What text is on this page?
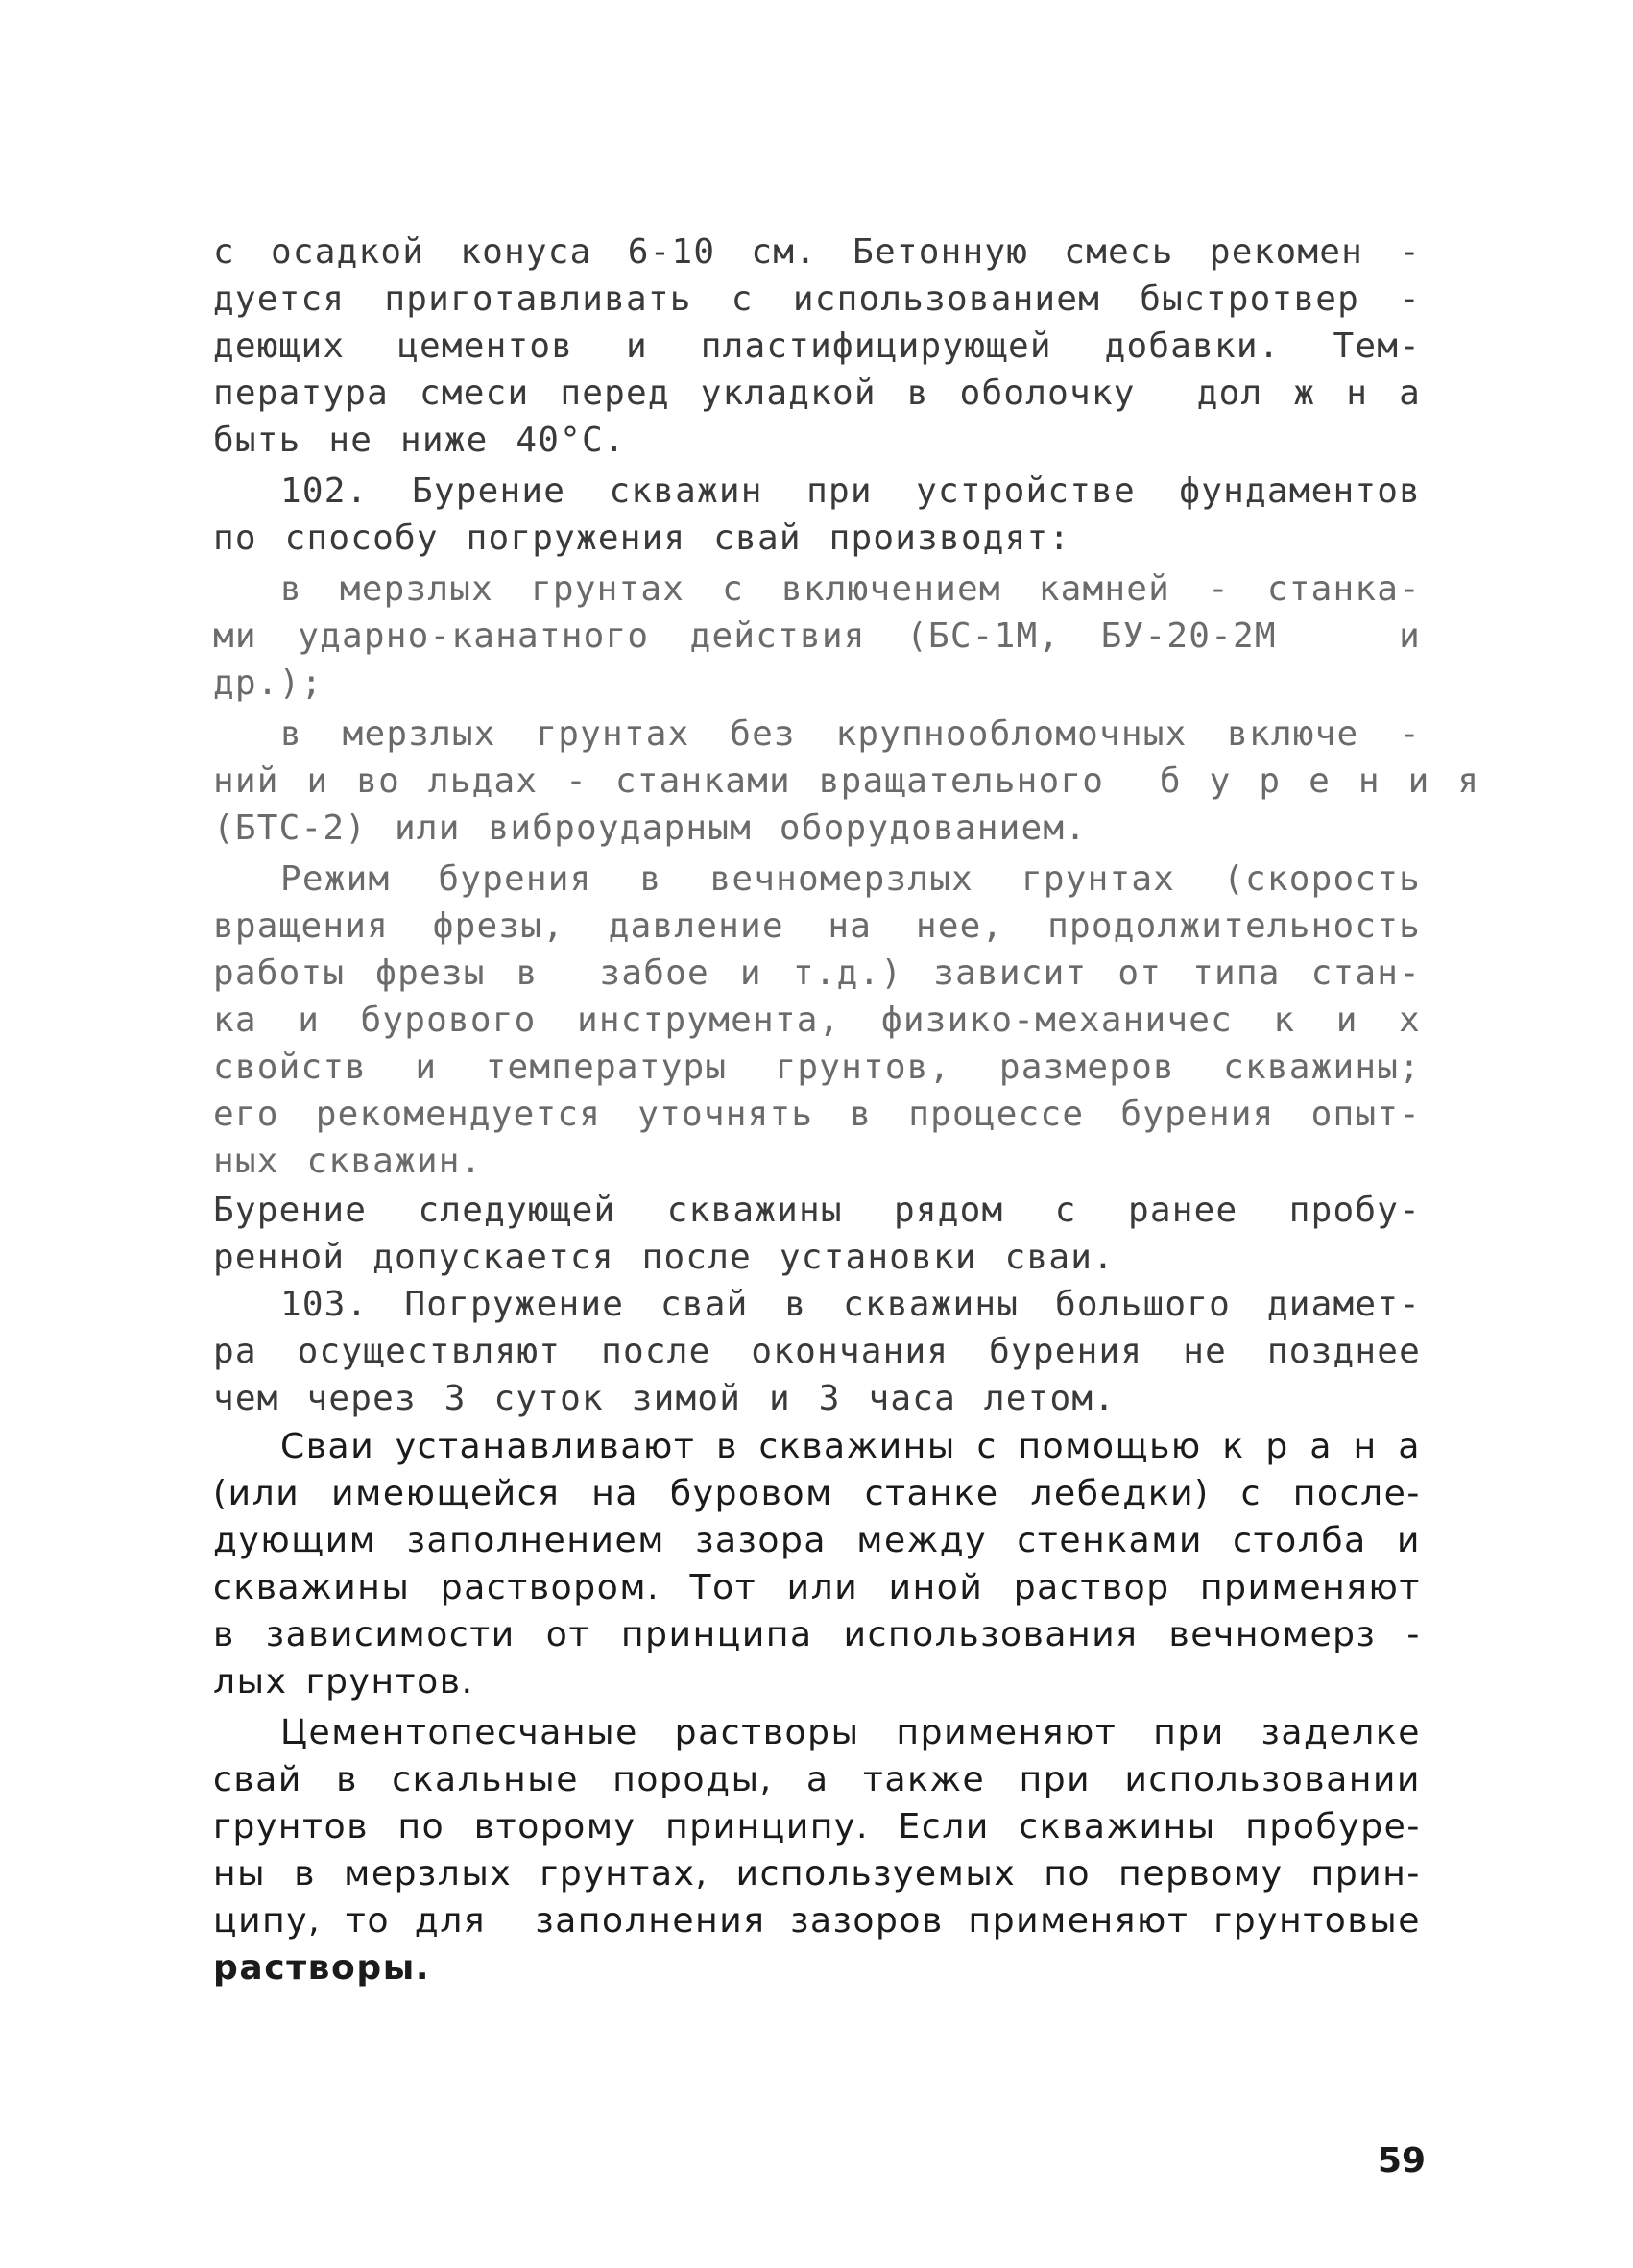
с осадкой конуса 6-10 см. Бетонную смесь рекомен -
дуется приготавливать с использованием быстротвер -
деющих цементов и пластифицирующей добавки. Тем-
пература смеси перед укладкой в оболочку  дол ж н а
быть не ниже 40°С.
102. Бурение скважин при устройстве фундаментов
по способу погружения свай производят:
в мерзлых грунтах с включением камней - станка-
ми ударно-канатного действия (БС-1М, БУ-20-2М   и
др.);
в мерзлых грунтах без крупнообломочных включе -
ний и во льдах - станками вращательного  б у р е н и я
(БТС-2) или виброударным оборудованием.
Режим бурения в вечномерзлых грунтах (скорость
вращения фрезы, давление на нее, продолжительность
работы фрезы в  забое и т.д.) зависит от типа стан-
ка и бурового инструмента, физико-механичес к и х
свойств и температуры грунтов, размеров скважины;
его рекомендуется уточнять в процессе бурения опыт-
ных скважин.
Бурение следующей скважины рядом с ранее пробу-
ренной допускается после установки сваи.
103. Погружение свай в скважины большого диамет-
ра осуществляют после окончания бурения не позднее
чем через 3 суток зимой и 3 часа летом.
Сваи устанавливают в скважины с помощью к р а н а
(или имеющейся на буровом станке лебедки) с после-
дующим заполнением зазора между стенками столба и
скважины раствором. Тот или иной раствор применяют
в зависимости от принципа использования вечномерз -
лых грунтов.
Цементопесчаные растворы применяют при заделке
свай в скальные породы, а также при использовании
грунтов по второму принципу. Если скважины пробуре-
ны в мерзлых грунтах, используемых по первому прин-
ципу, то для  заполнения зазоров применяют грунтовые
растворы.
59
